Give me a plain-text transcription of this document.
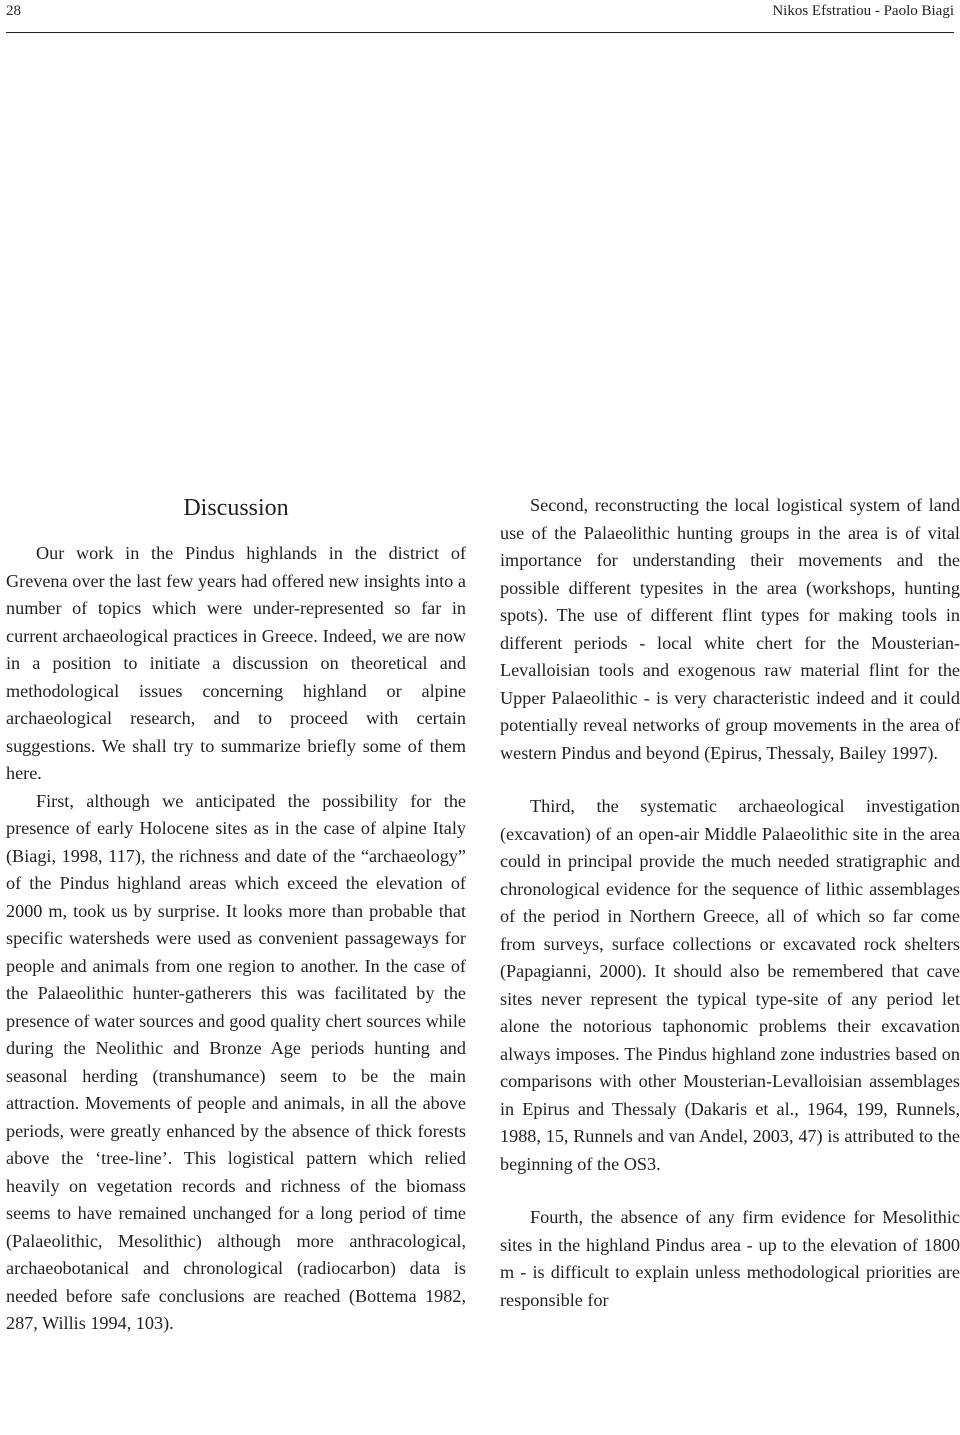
28	Nikos Efstratiou - Paolo Biagi
Discussion

Our work in the Pindus highlands in the district of Grevena over the last few years had offered new insights into a number of topics which were under-represented so far in current archaeological practices in Greece. Indeed, we are now in a position to initiate a discussion on theoretical and methodological issues concerning highland or alpine archaeological research, and to proceed with certain suggestions. We shall try to summarize briefly some of them here.

First, although we anticipated the possibility for the presence of early Holocene sites as in the case of alpine Italy (Biagi, 1998, 117), the richness and date of the “archaeology” of the Pindus highland areas which exceed the elevation of 2000 m, took us by surprise. It looks more than probable that specific watersheds were used as convenient passageways for people and animals from one region to another. In the case of the Palaeolithic hunter-gatherers this was facilitated by the presence of water sources and good quality chert sources while during the Neolithic and Bronze Age periods hunting and seasonal herding (transhumance) seem to be the main attraction. Movements of people and animals, in all the above periods, were greatly enhanced by the absence of thick forests above the ‘tree-line’. This logistical pattern which relied heavily on vegetation records and richness of the biomass seems to have remained unchanged for a long period of time (Palaeolithic, Mesolithic) although more anthracological, archaeobotanical and chronological (radiocarbon) data is needed before safe conclusions are reached (Bottema 1982, 287, Willis 1994, 103).

Second, reconstructing the local logistical system of land use of the Palaeolithic hunting groups in the area is of vital importance for understanding their movements and the possible different typesites in the area (workshops, hunting spots). The use of different flint types for making tools in different periods - local white chert for the Mousterian-Levalloisian tools and exogenous raw material flint for the Upper Palaeolithic - is very characteristic indeed and it could potentially reveal networks of group movements in the area of western Pindus and beyond (Epirus, Thessaly, Bailey 1997).

Third, the systematic archaeological investigation (excavation) of an open-air Middle Palaeolithic site in the area could in principal provide the much needed stratigraphic and chronological evidence for the sequence of lithic assemblages of the period in Northern Greece, all of which so far come from surveys, surface collections or excavated rock shelters (Papagianni, 2000). It should also be remembered that cave sites never represent the typical type-site of any period let alone the notorious taphonomic problems their excavation always imposes. The Pindus highland zone industries based on comparisons with other Mousterian-Levalloisian assemblages in Epirus and Thessaly (Dakaris et al., 1964, 199, Runnels, 1988, 15, Runnels and van Andel, 2003, 47) is attributed to the beginning of the OS3.

Fourth, the absence of any firm evidence for Mesolithic sites in the highland Pindus area - up to the elevation of 1800 m - is difficult to explain unless methodological priorities are responsible for
